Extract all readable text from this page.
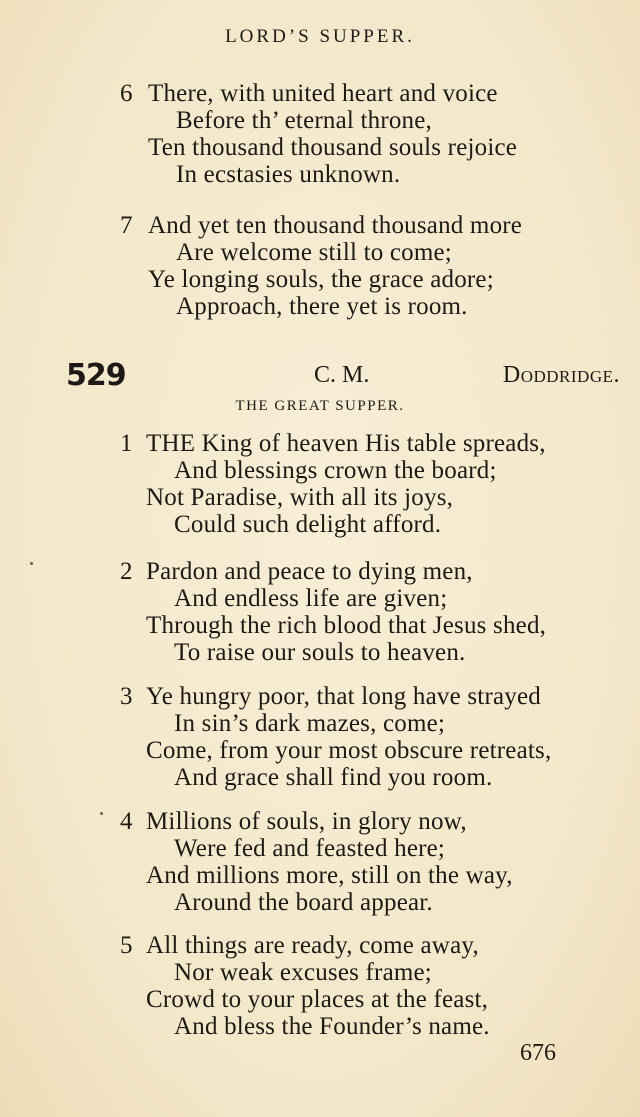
LORD’S SUPPER.
6 There, with united heart and voice
Before th’ eternal throne,
Ten thousand thousand souls rejoice
In ecstasies unknown.
7 And yet ten thousand thousand more
Are welcome still to come;
Ye longing souls, the grace adore;
Approach, there yet is room.
529	C. M.	Doddridge.
THE GREAT SUPPER.
1 THE King of heaven His table spreads,
And blessings crown the board;
Not Paradise, with all its joys,
Could such delight afford.
2 Pardon and peace to dying men,
And endless life are given;
Through the rich blood that Jesus shed,
To raise our souls to heaven.
3 Ye hungry poor, that long have strayed
In sin’s dark mazes, come;
Come, from your most obscure retreats,
And grace shall find you room.
4 Millions of souls, in glory now,
Were fed and feasted here;
And millions more, still on the way,
Around the board appear.
5 All things are ready, come away,
Nor weak excuses frame;
Crowd to your places at the feast,
And bless the Founder’s name.
676
